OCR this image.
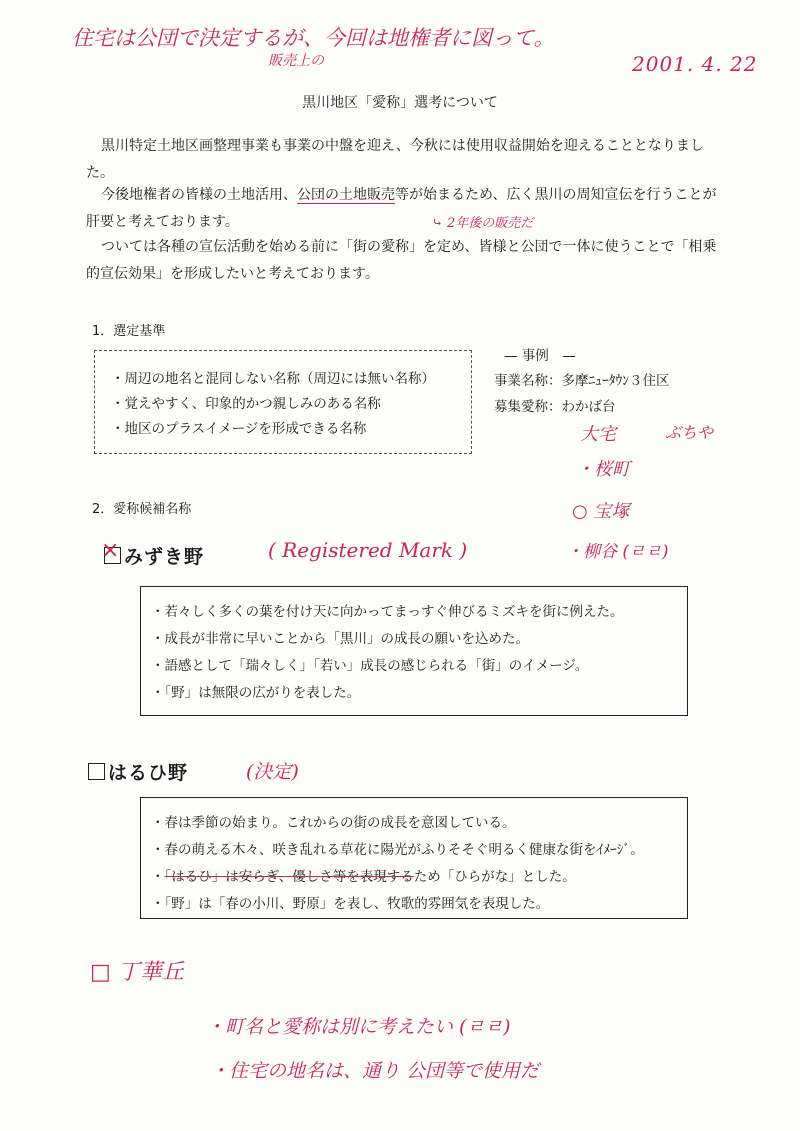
住宅は公団で決定するが、今回は地権者に図って。
販売上の	2001. 4. 22
黒川地区「愛称」選考について

黒川特定土地区画整理事業も事業の中盤を迎え、今秋には使用収益開始を迎えることとなりました。

今後地権者の皆様の土地活用、公団の土地販売等が始まるため、広く黒川の周知宣伝を行うことが肝要と考えております。	⤷ 2年後の販売だ

ついては各種の宣伝活動を始める前に「街の愛称」を定め、皆様と公団で一体に使うことで「相乗的宣伝効果」を形成したいと考えております。

1．選定基準
・周辺の地名と混同しない名称（周辺には無い名称）
・覚えやすく、印象的かつ親しみのある名称
・地区のプラスイメージを形成できる名称
— 事例　—
事業名称：多摩ﾆｭｰﾀｳﾝ３住区
募集愛称：わかば台
大宅	ぶちや
・桜町
○ 宝塚
・柳谷 (ㄹㄹ)
2．愛称候補名称
× みずき野	( Registered Mark )
・若々しく多くの葉を付け天に向かってまっすぐ伸びるミズキを街に例えた。
・成長が非常に早いことから「黒川」の成長の願いを込めた。
・語感として「瑞々しく」「若い」成長の感じられる「街」のイメージ。
・「野」は無限の広がりを表した。
はるひ野	(決定)
・春は季節の始まり。これからの街の成長を意図している。
・春の萌える木々、咲き乱れる草花に陽光がふりそそぐ明るく健康な街をｲﾒｰｼﾞ。
・「はるひ」は安らぎ、優しさ等を表現するため「ひらがな」とした。
・「野」は「春の小川、野原」を表し、牧歌的雰囲気を表現した。
□ 丁華丘
・町名と愛称は別に考えたい (ㄹㄹ)
・住宅の地名は、通り 公団等で使用だ
